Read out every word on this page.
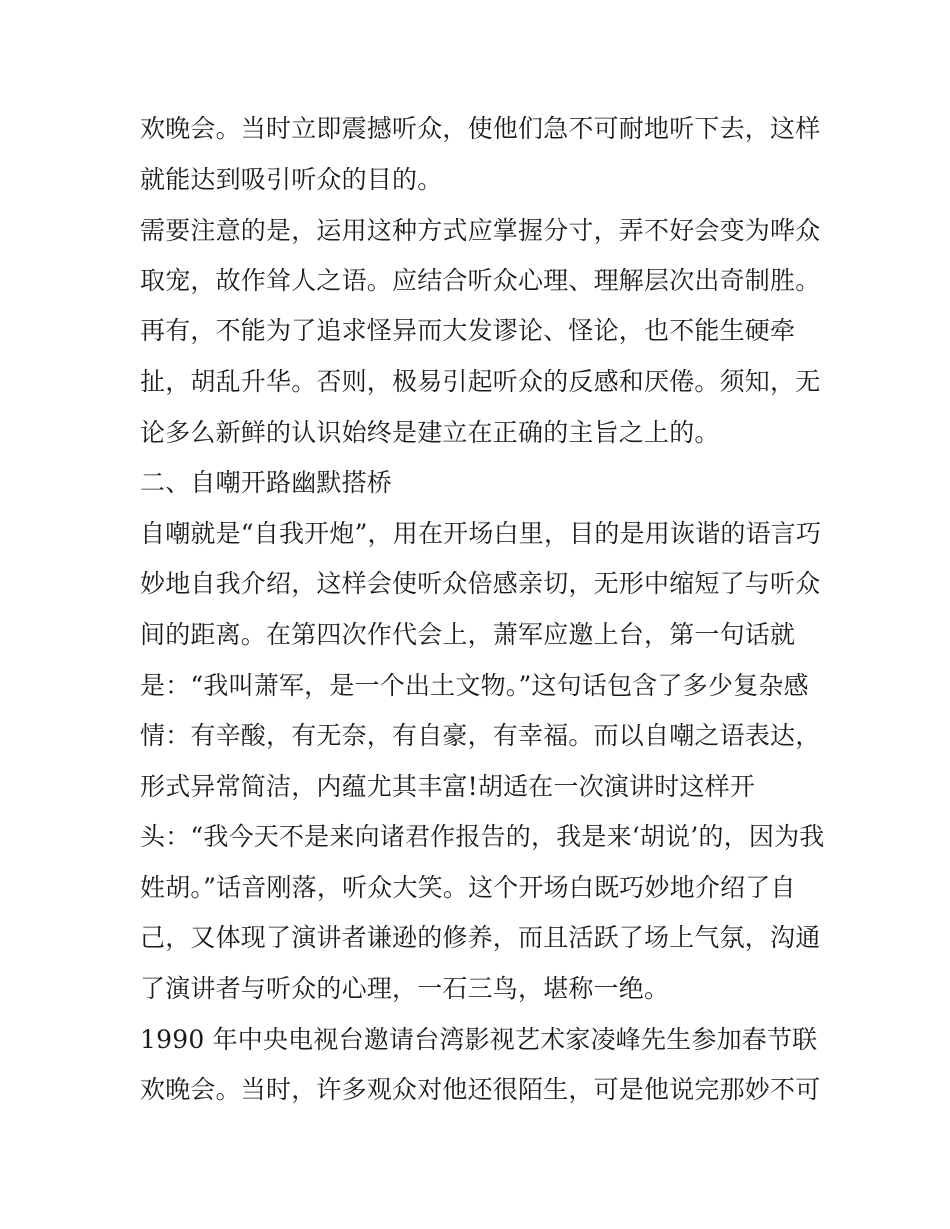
欢晚会。当时立即震撼听众，使他们急不可耐地听下去，这样
就能达到吸引听众的目的。
需要注意的是，运用这种方式应掌握分寸，弄不好会变为哗众
取宠，故作耸人之语。应结合听众心理、理解层次出奇制胜。
再有，不能为了追求怪异而大发谬论、怪论，也不能生硬牵
扯，胡乱升华。否则，极易引起听众的反感和厌倦。须知，无
论多么新鲜的认识始终是建立在正确的主旨之上的。
二、自嘲开路幽默搭桥
自嘲就是“自我开炮”，用在开场白里，目的是用诙谐的语言巧
妙地自我介绍，这样会使听众倍感亲切，无形中缩短了与听众
间的距离。在第四次作代会上，萧军应邀上台，第一句话就
是：“我叫萧军，是一个出土文物。”这句话包含了多少复杂感
情：有辛酸，有无奈，有自豪，有幸福。而以自嘲之语表达，
形式异常简洁，内蕴尤其丰富!胡适在一次演讲时这样开
头：“我今天不是来向诸君作报告的，我是来‘胡说’的，因为我
姓胡。”话音刚落，听众大笑。这个开场白既巧妙地介绍了自
己，又体现了演讲者谦逊的修养，而且活跃了场上气氛，沟通
了演讲者与听众的心理，一石三鸟，堪称一绝。
1990 年中央电视台邀请台湾影视艺术家凌峰先生参加春节联
欢晚会。当时，许多观众对他还很陌生，可是他说完那妙不可
